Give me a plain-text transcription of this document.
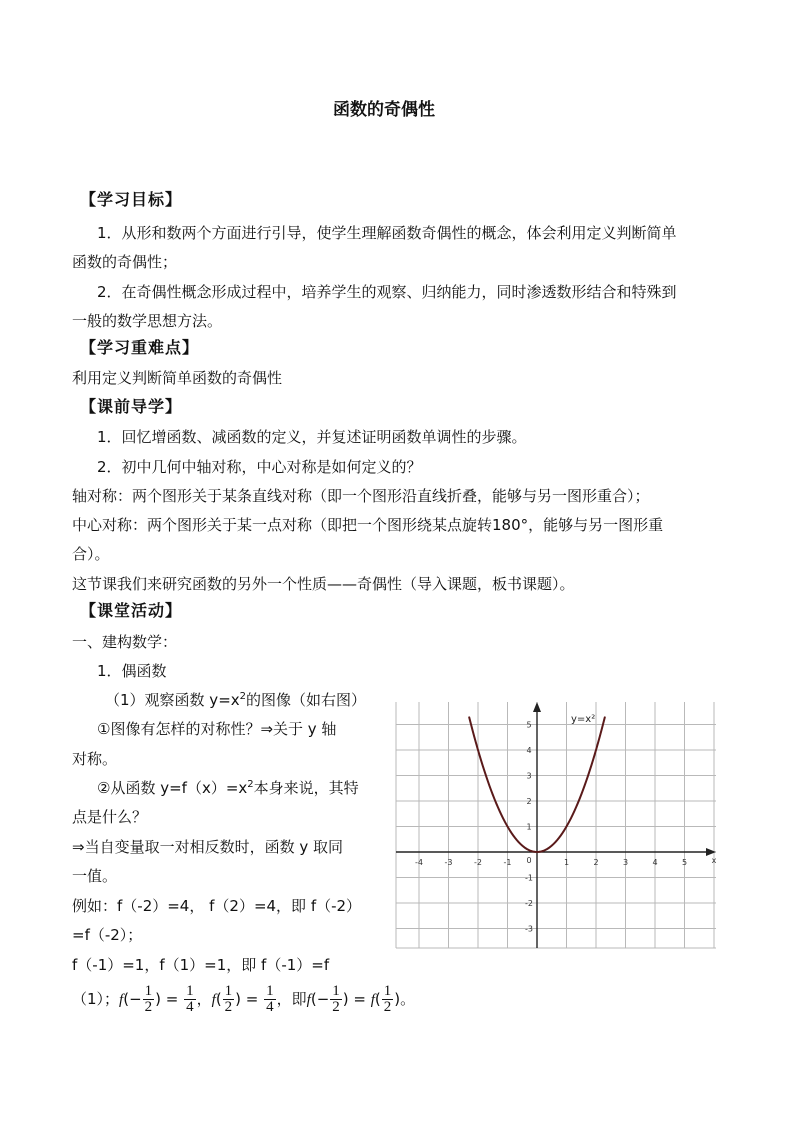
函数的奇偶性
【学习目标】
1．从形和数两个方面进行引导，使学生理解函数奇偶性的概念，体会利用定义判断简单
函数的奇偶性；
2．在奇偶性概念形成过程中，培养学生的观察、归纳能力，同时渗透数形结合和特殊到
一般的数学思想方法。
【学习重难点】
利用定义判断简单函数的奇偶性
【课前导学】
1．回忆增函数、减函数的定义，并复述证明函数单调性的步骤。
2．初中几何中轴对称，中心对称是如何定义的？
轴对称：两个图形关于某条直线对称（即一个图形沿直线折叠，能够与另一图形重合）；
中心对称：两个图形关于某一点对称（即把一个图形绕某点旋转180°，能够与另一图形重
合）。
这节课我们来研究函数的另外一个性质——奇偶性（导入课题，板书课题）。
【课堂活动】
一、建构数学：
1．偶函数
（1）观察函数 $y=x^2$的图像（如右图）
①图像有怎样的对称性？⇒关于 y 轴
对称。
②从函数 $y=f(x)=x^2$本身来说，其特
点是什么？
⇒当自变量取一对相反数时，函数 y 取同
一值。
例如：f（-2）=4， f（2）=4，即 f（-2）
=f（-2）；
f（-1）=1，f（1）=1，即 f（-1）=f
（1）；$f(- \frac{1}{2}$ ) = $\frac{1}{4}$ ，$f( \frac{1}{2}$ ) = $\frac{1}{4}$ ，即$f(- \frac{1}{2}$ ) = $f( \frac{1}{2}$ )。
-4	-3	-2	-1	1	2	3	4	5
-3
-2
-1
1
2
3
4
5
0	x
y=x²
